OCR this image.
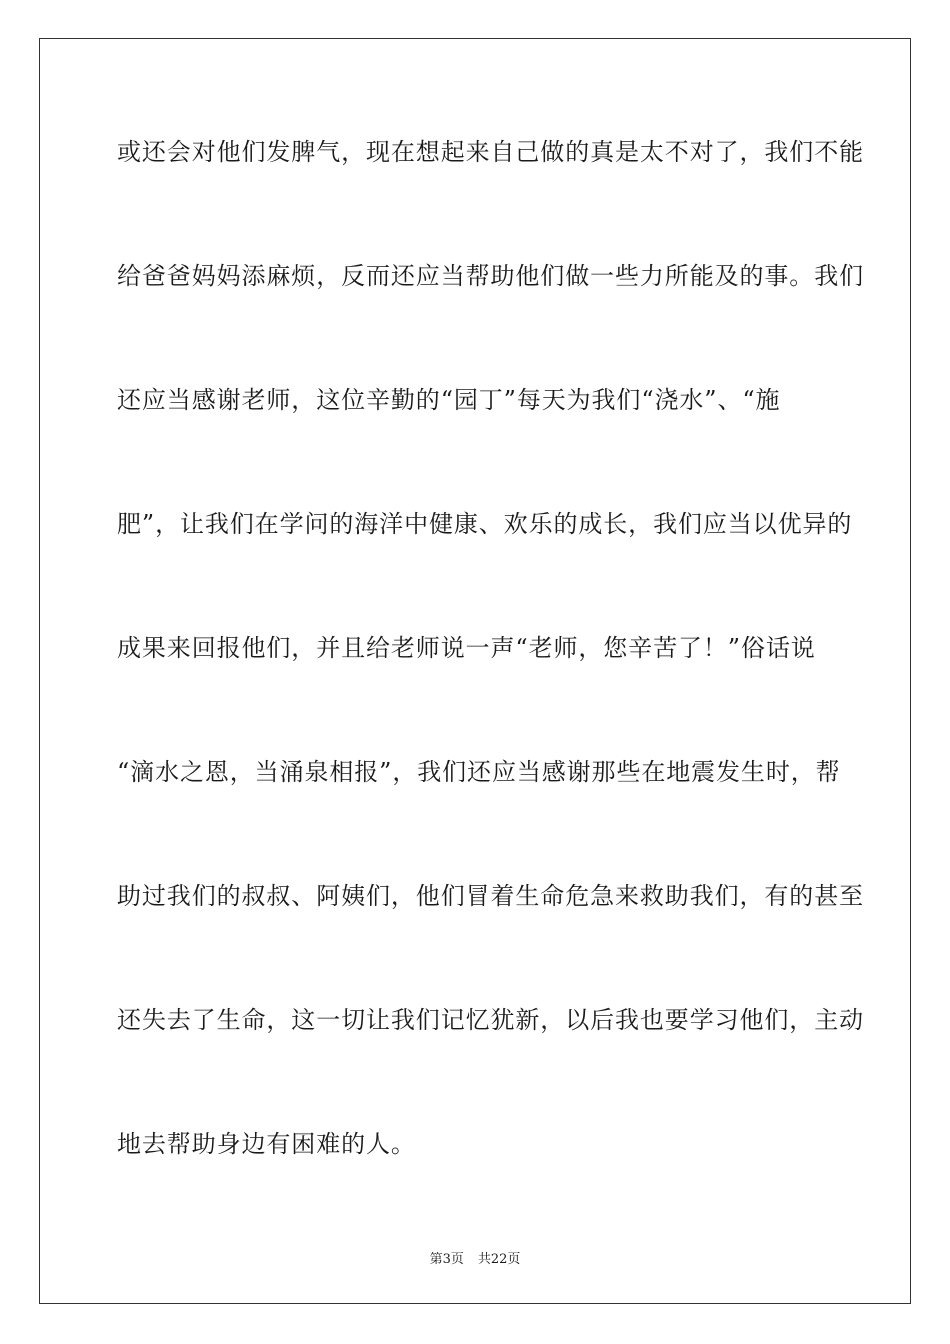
或还会对他们发脾气，现在想起来自己做的真是太不对了，我们不能
给爸爸妈妈添麻烦，反而还应当帮助他们做一些力所能及的事。我们
还应当感谢老师，这位辛勤的“园丁”每天为我们“浇水”、“施
肥”，让我们在学问的海洋中健康、欢乐的成长，我们应当以优异的
成果来回报他们，并且给老师说一声“老师，您辛苦了！”俗话说
“滴水之恩，当涌泉相报”，我们还应当感谢那些在地震发生时，帮
助过我们的叔叔、阿姨们，他们冒着生命危急来救助我们，有的甚至
还失去了生命，这一切让我们记忆犹新，以后我也要学习他们，主动
地去帮助身边有困难的人。
第3页 共22页
